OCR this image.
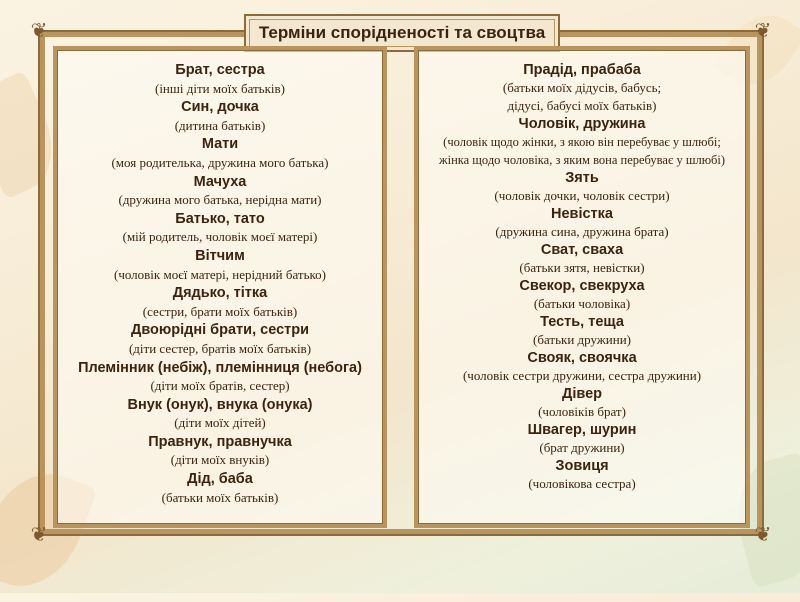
❦	❦
❦	❦
Терміни спорідненості та своцтва
Брат, сестра
(інші діти моїх батьків)
Син, дочка
(дитина батьків)
Мати
(моя родителька, дружина мого батька)
Мачуха
(дружина мого батька, нерідна мати)
Батько, тато
(мій родитель, чоловік моєї матері)
Вітчим
(чоловік моєї матері, нерідний батько)
Дядько, тітка
(сестри, брати моїх батьків)
Двоюрідні брати, сестри
(діти сестер, братів моїх батьків)
Племінник (небіж), племінниця (небога)
(діти моїх братів, сестер)
Внук (онук), внука (онука)
(діти моїх дітей)
Правнук, правнучка
(діти моїх внуків)
Дід, баба
(батьки моїх батьків)
Прадід, прабаба
(батьки моїх дідусів, бабусь;
дідусі, бабусі моїх батьків)
Чоловік, дружина
(чоловік щодо жінки, з якою він перебуває у шлюбі;
жінка щодо чоловіка, з яким вона перебуває у шлюбі)
Зять
(чоловік дочки, чоловік сестри)
Невістка
(дружина сина, дружина брата)
Сват, сваха
(батьки зятя, невістки)
Свекор, свекруха
(батьки чоловіка)
Тесть, теща
(батьки дружини)
Свояк, своячка
(чоловік сестри дружини, сестра дружини)
Дівер
(чоловіків брат)
Швагер, шурин
(брат дружини)
Зовиця
(чоловікова сестра)
